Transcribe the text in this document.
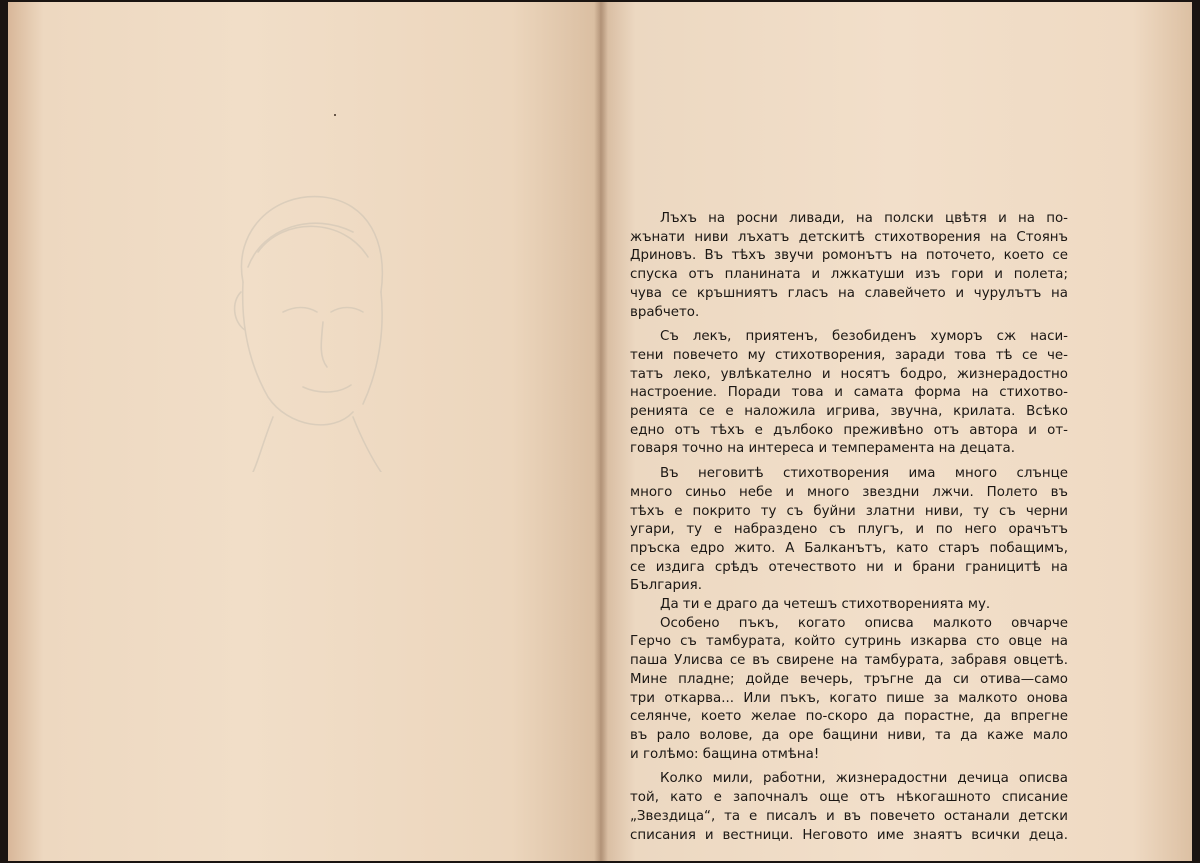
Лъхъ на росни ливади, на полски цвѣтя и на по-
жънати ниви лъхатъ детскитѣ стихотворения на Стоянъ
Дриновъ. Въ тѣхъ звучи ромонътъ на поточето, което се
спуска отъ планината и лжкатуши изъ гори и полета;
чува се кръшниятъ гласъ на славейчето и чурулътъ на
врабчето.
Съ лекъ, приятенъ, безобиденъ хуморъ сж наси-
тени повечето му стихотворения, заради това тѣ се че-
татъ леко, увлѣкателно и носятъ бодро, жизнерадостно
настроение. Поради това и самата форма на стихотво-
ренията се е наложила игрива, звучна, крилата. Всѣко
едно отъ тѣхъ е дълбоко преживѣно отъ автора и от-
говаря точно на интереса и темперамента на децата.
Въ неговитѣ стихотворения има много слънце
много синьо небе и много звездни лжчи. Полето въ
тѣхъ е покрито ту съ буйни златни ниви, ту съ черни
угари, ту е набраздено съ плугъ, и по него орачътъ
пръска едро жито. А Балканътъ, като старъ побащимъ,
се издига срѣдъ отечеството ни и брани границитѣ на
България.
Да ти е драго да четешъ стихотворенията му.
Особено пъкъ, когато описва малкото овчарче
Герчо съ тамбурата, който сутринь изкарва сто овце на
паша Улисва се въ свирене на тамбурата, забравя овцетѣ.
Мине пладне; дойде вечерь, тръгне да си отива—само
три откарва... Или пъкъ, когато пише за малкото онова
селянче, което желае по-скоро да порастне, да впрегне
въ рало волове, да оре бащини ниви, та да каже мало
и голѣмо: бащина отмѣна!
Колко мили, работни, жизнерадостни дечица описва
той, като е започналъ още отъ нѣкогашното списание
„Звездица“, та е писалъ и въ повечето останали детски
списания и вестници. Неговото име знаятъ всички деца.
